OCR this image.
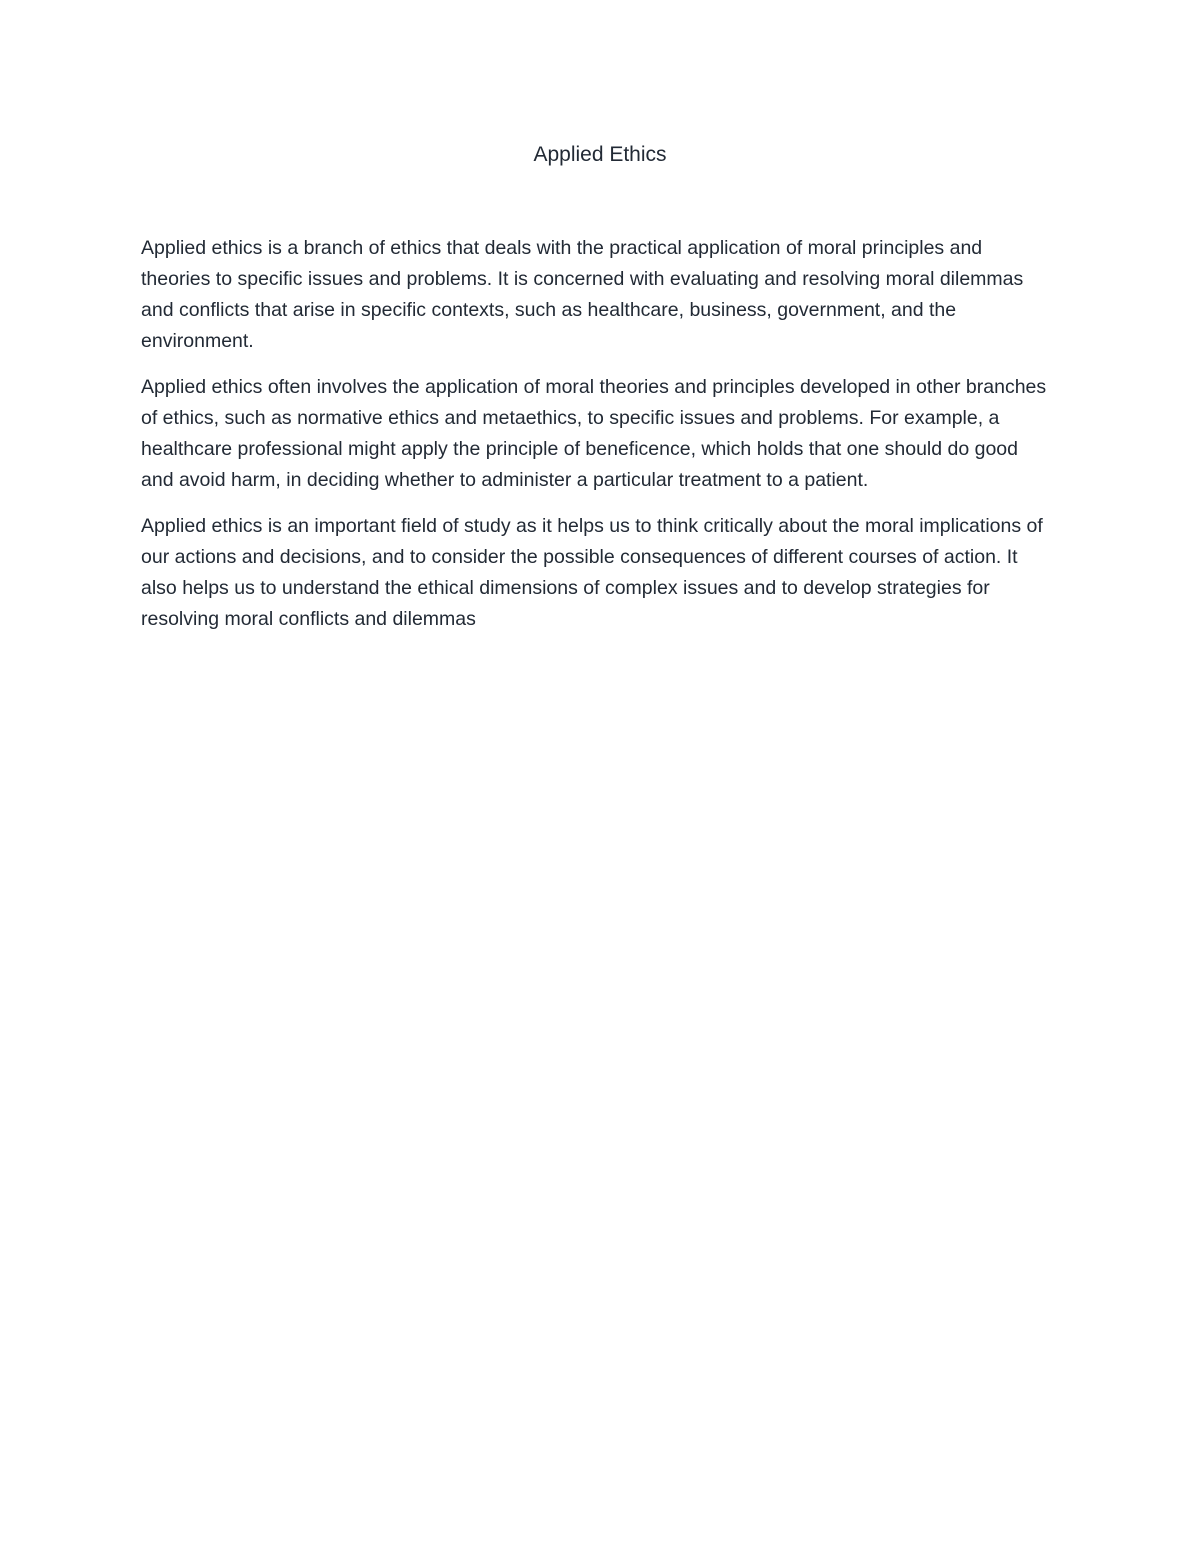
Applied Ethics

Applied ethics is a branch of ethics that deals with the practical application of moral principles and theories to specific issues and problems. It is concerned with evaluating and resolving moral dilemmas and conflicts that arise in specific contexts, such as healthcare, business, government, and the environment.

Applied ethics often involves the application of moral theories and principles developed in other branches of ethics, such as normative ethics and metaethics, to specific issues and problems. For example, a healthcare professional might apply the principle of beneficence, which holds that one should do good and avoid harm, in deciding whether to administer a particular treatment to a patient.

Applied ethics is an important field of study as it helps us to think critically about the moral implications of our actions and decisions, and to consider the possible consequences of different courses of action. It also helps us to understand the ethical dimensions of complex issues and to develop strategies for resolving moral conflicts and dilemmas
